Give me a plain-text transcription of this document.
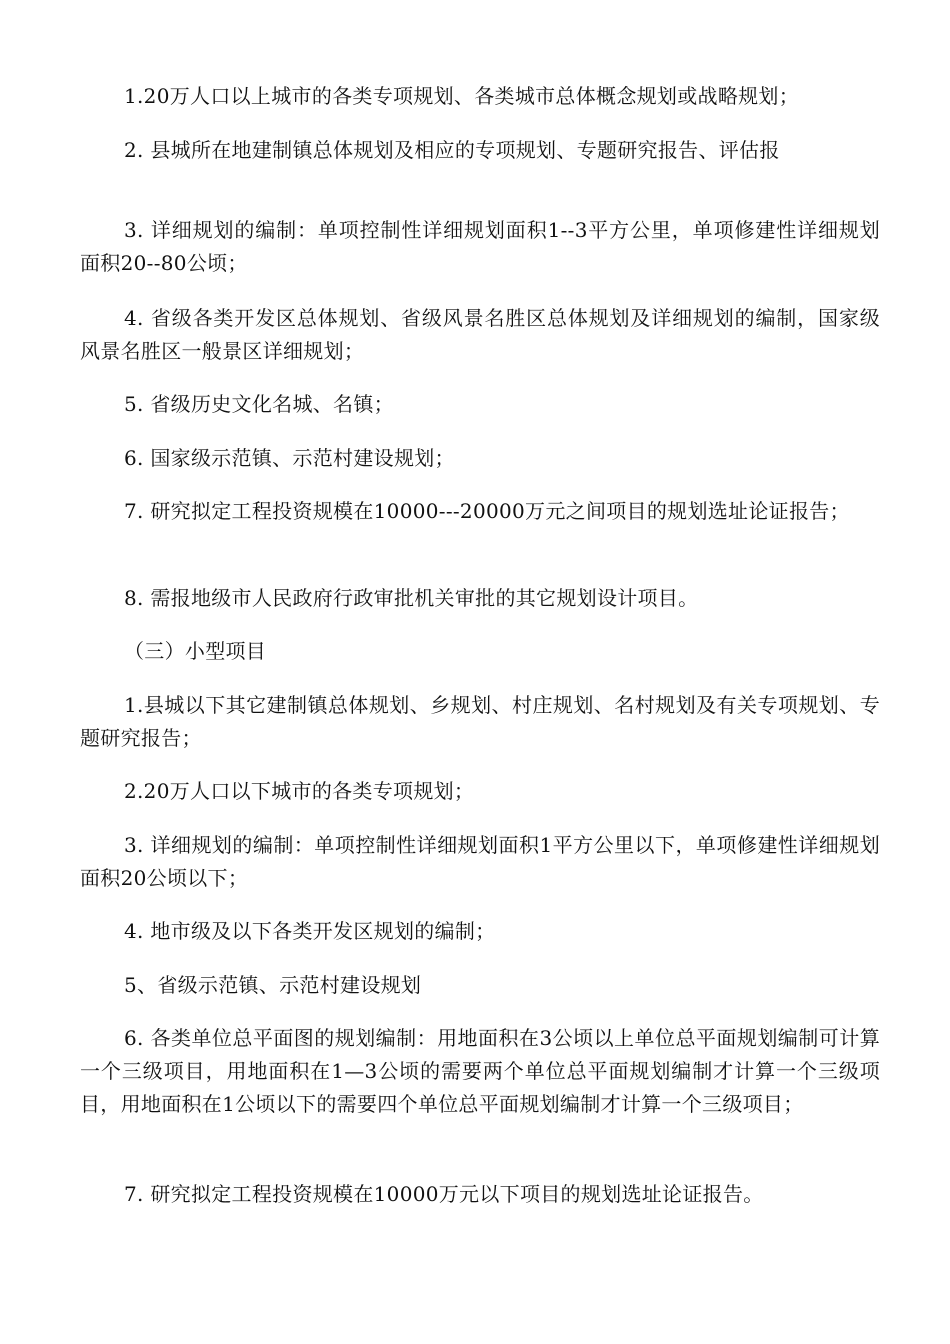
1.20万人口以上城市的各类专项规划、各类城市总体概念规划或战略规划；

2. 县城所在地建制镇总体规划及相应的专项规划、专题研究报告、评估报

3. 详细规划的编制：单项控制性详细规划面积1--3平方公里，单项修建性详细规划面积20--80公顷；

4. 省级各类开发区总体规划、省级风景名胜区总体规划及详细规划的编制，国家级风景名胜区一般景区详细规划；

5. 省级历史文化名城、名镇；

6. 国家级示范镇、示范村建设规划；

7. 研究拟定工程投资规模在10000---20000万元之间项目的规划选址论证报告；

8. 需报地级市人民政府行政审批机关审批的其它规划设计项目。

（三）小型项目

1.县城以下其它建制镇总体规划、乡规划、村庄规划、名村规划及有关专项规划、专题研究报告；

2.20万人口以下城市的各类专项规划；

3. 详细规划的编制：单项控制性详细规划面积1平方公里以下，单项修建性详细规划面积20公顷以下；

4. 地市级及以下各类开发区规划的编制；

5、省级示范镇、示范村建设规划

6. 各类单位总平面图的规划编制：用地面积在3公顷以上单位总平面规划编制可计算一个三级项目，用地面积在1—3公顷的需要两个单位总平面规划编制才计算一个三级项目，用地面积在1公顷以下的需要四个单位总平面规划编制才计算一个三级项目；

7. 研究拟定工程投资规模在10000万元以下项目的规划选址论证报告。
